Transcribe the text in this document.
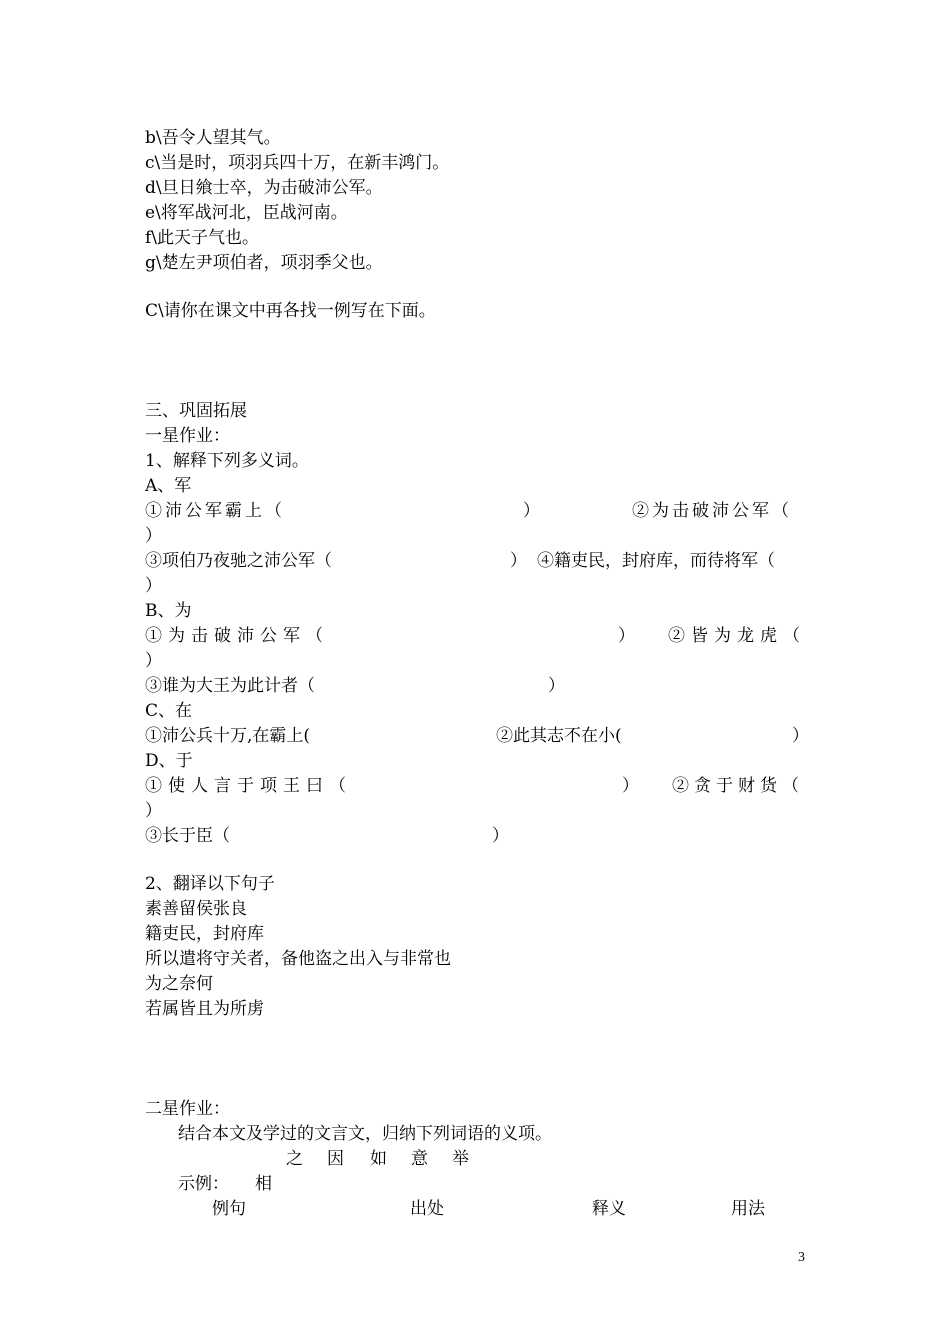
b\吾令人望其气。
c\当是时，项羽兵四十万，在新丰鸿门。
d\旦日飨士卒，为击破沛公军。
e\将军战河北，臣战河南。
f\此天子气也。
g\楚左尹项伯者，项羽季父也。
C\请你在课文中再各找一例写在下面。
三、巩固拓展
一星作业：
1、解释下列多义词。
A、军
①沛公军霸上（	）	②为击破沛公军（
）
③项伯乃夜驰之沛公军（	） ④籍吏民，封府库，而待将军（
）
B、为
①为击破沛公军（	） ②皆为龙虎（
）
③谁为大王为此计者（	）
C、在
①沛公兵十万,在霸上(	②此其志不在小(	）
D、于
①使人言于项王曰（	） ②贪于财货（
）
③长于臣（	）
2、翻译以下句子
素善留侯张良
籍吏民，封府库
所以遣将守关者，备他盗之出入与非常也
为之奈何
若属皆且为所虏
二星作业：
结合本文及学过的文言文，归纳下列词语的义项。
之 因 如 意 举
示例： 相
例句	出处	释义	用法
3
